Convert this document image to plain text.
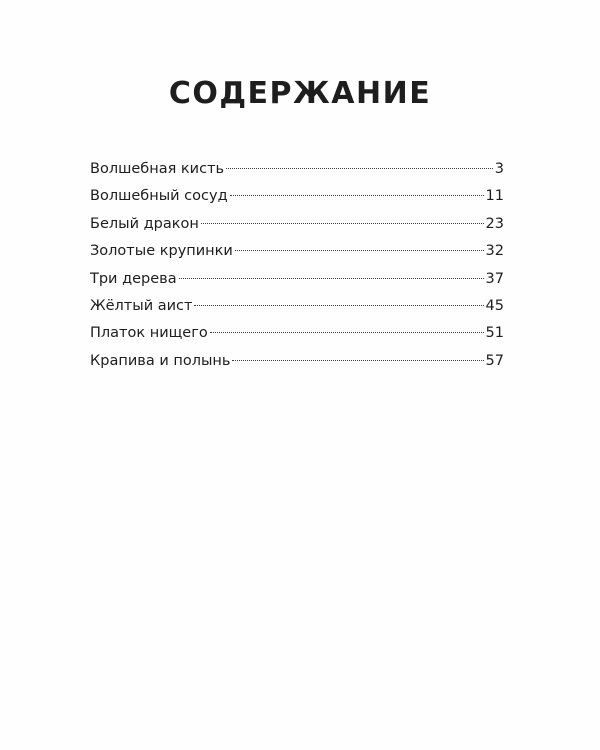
СОДЕРЖАНИЕ
Волшебная кисть	3
Волшебный сосуд	11
Белый дракон	23
Золотые крупинки	32
Три дерева	37
Жёлтый аист	45
Платок нищего	51
Крапива и полынь	57
